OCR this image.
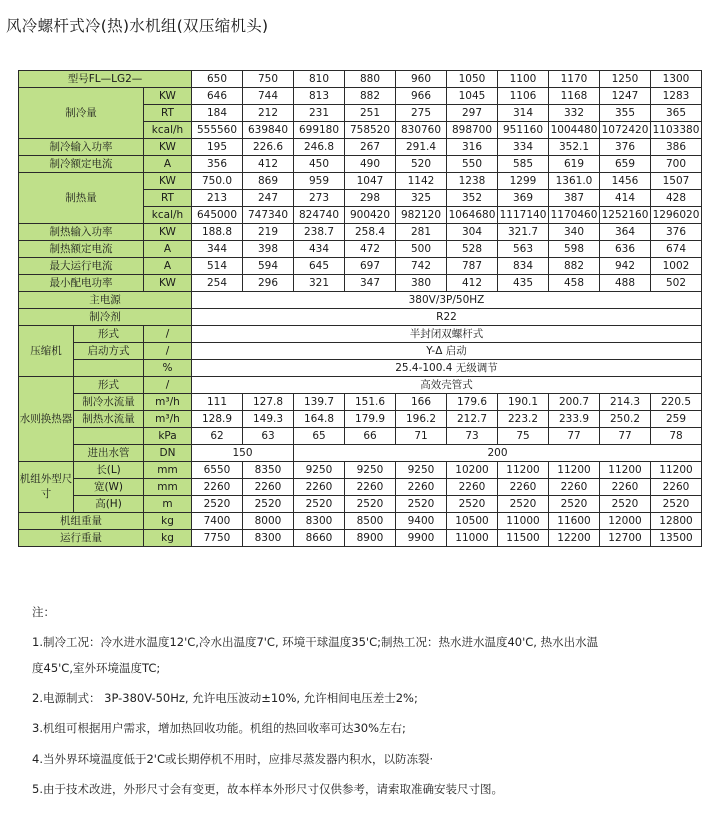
风冷螺杆式冷(热)水机组(双压缩机头)
型号FL—LG2—			650	750	810	880	960	1050	1100	1170	1250	1300
制冷量		KW	646	744	813	882	966	1045	1106	1168	1247	1283
		RT	184	212	231	251	275	297	314	332	355	365
		kcal/h	555560	639840	699180	758520	830760	898700	951160	1004480	1072420	1103380
制冷输入功率		KW	195	226.6	246.8	267	291.4	316	334	352.1	376	386
制冷额定电流		A	356	412	450	490	520	550	585	619	659	700
制热量		KW	750.0	869	959	1047	1142	1238	1299	1361.0	1456	1507
		RT	213	247	273	298	325	352	369	387	414	428
		kcal/h	645000	747340	824740	900420	982120	1064680	1117140	1170460	1252160	1296020
制热输入功率		KW	188.8	219	238.7	258.4	281	304	321.7	340	364	376
制热额定电流		A	344	398	434	472	500	528	563	598	636	674
最大运行电流		A	514	594	645	697	742	787	834	882	942	1002
最小配电功率		KW	254	296	321	347	380	412	435	458	488	502
主电源			380V/3P/50HZ									
制冷剂			R22									
压缩机	形式	/	半封闭双螺杆式									
	启动方式	/	Y-Δ 启动									
		%	25.4-100.4 无级调节									
水则换热器	形式	/	高效壳管式									
	制冷水流量	m³/h	111	127.8	139.7	151.6	166	179.6	190.1	200.7	214.3	220.5
	制热水流量	m³/h	128.9	149.3	164.8	179.9	196.2	212.7	223.2	233.9	250.2	259
		kPa	62	63	65	66	71	73	75	77	77	78
	进出水管	DN	150		200							
机组外型尺寸	长(L)	mm	6550	8350	9250	9250	9250	10200	11200	11200	11200	11200
	宽(W)	mm	2260	2260	2260	2260	2260	2260	2260	2260	2260	2260
	高(H)	m	2520	2520	2520	2520	2520	2520	2520	2520	2520	2520
机组重量		kg	7400	8000	8300	8500	9400	10500	11000	11600	12000	12800
运行重量		kg	7750	8300	8660	8900	9900	11000	11500	12200	12700	13500

注：

1.制冷工况：冷水进水温度12'C,冷水出温度7'C, 环境干球温度35'C;制热工况：热水进水温度40'C, 热水出水温

度45'C,室外环境温度TC;

2.电源制式： 3P-380V-50Hz, 允许电压波动±10%, 允许相间电压差士2%;

3.机组可根据用户需求，增加热回收功能。机组的热回收率可达30%左右;

4.当外界环境温度低于2'C或长期停机不用时，应排尽蒸发器内积水，以防冻裂·

5.由于技术改进，外形尺寸会有变更，故本样本外形尺寸仅供参考，请索取准确安装尺寸图。
